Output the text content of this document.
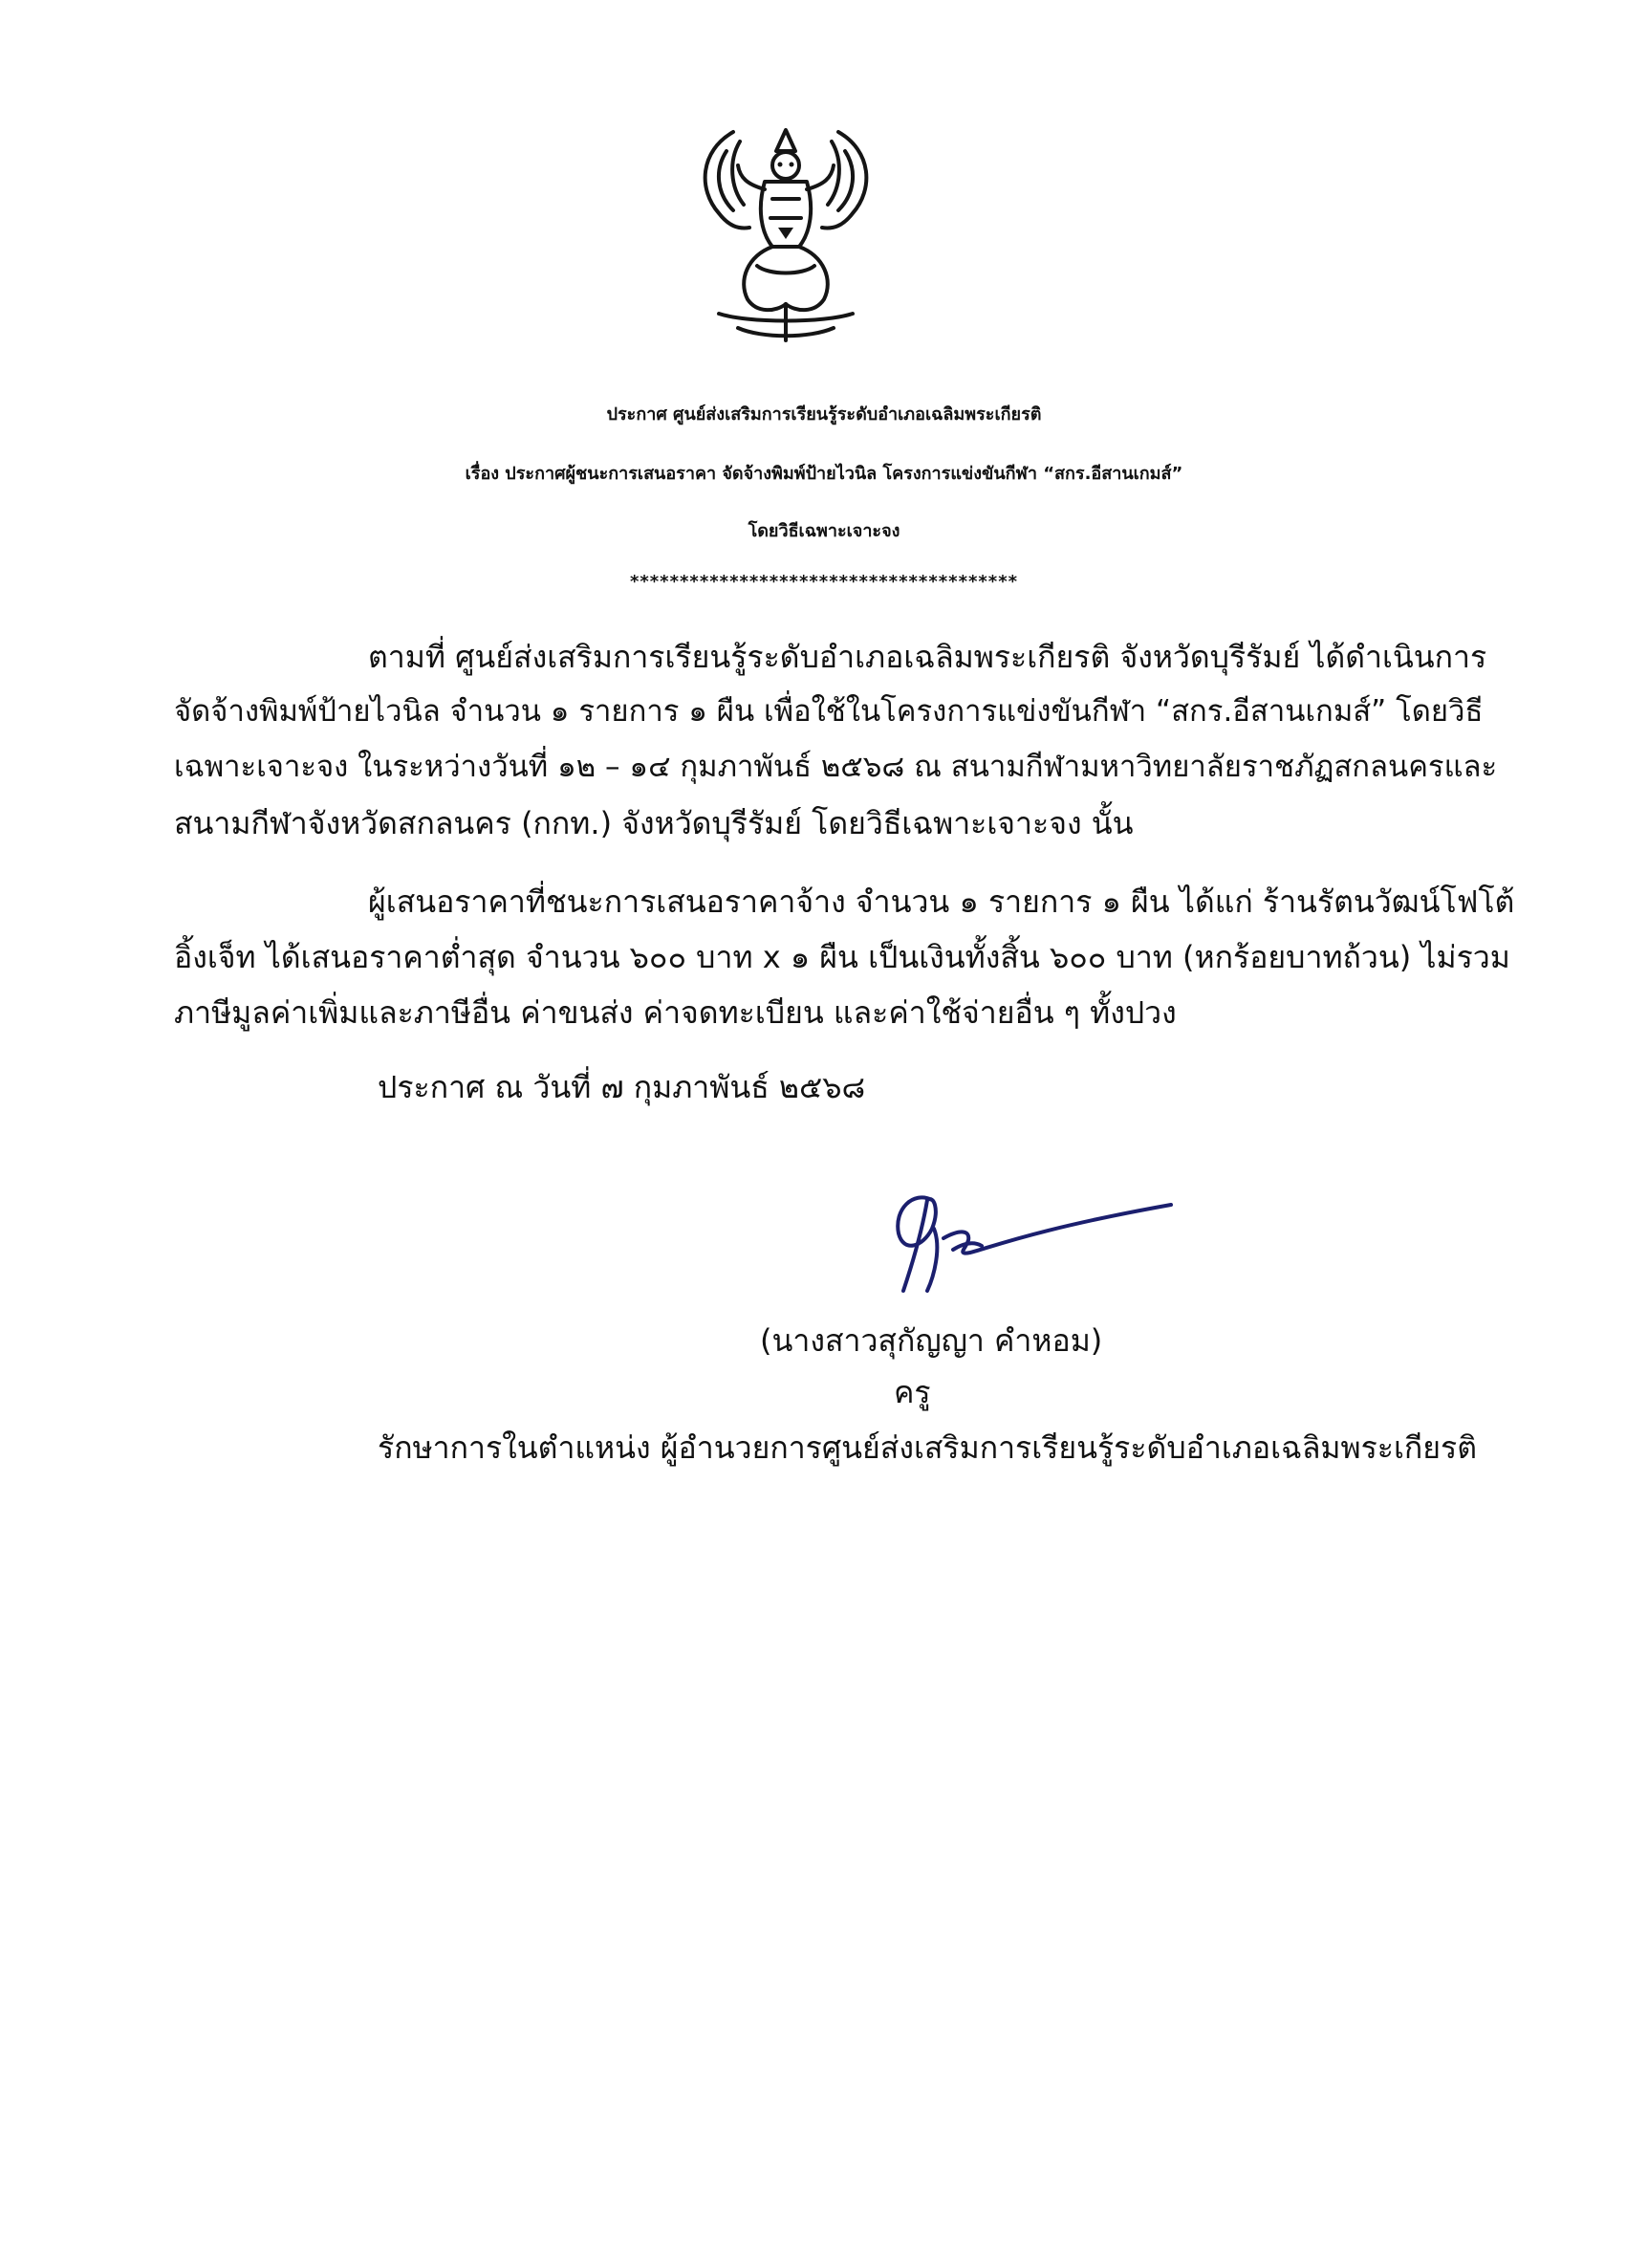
ประกาศ ศูนย์ส่งเสริมการเรียนรู้ระดับอำเภอเฉลิมพระเกียรติ
เรื่อง ประกาศผู้ชนะการเสนอราคา จัดจ้างพิมพ์ป้ายไวนิล โครงการแข่งขันกีฬา “สกร.อีสานเกมส์”
โดยวิธีเฉพาะเจาะจง
***************************************
ตามที่ ศูนย์ส่งเสริมการเรียนรู้ระดับอำเภอเฉลิมพระเกียรติ จังหวัดบุรีรัมย์ ได้ดำเนินการ
จัดจ้างพิมพ์ป้ายไวนิล จำนวน ๑ รายการ ๑ ผืน เพื่อใช้ในโครงการแข่งขันกีฬา “สกร.อีสานเกมส์” โดยวิธี
เฉพาะเจาะจง ในระหว่างวันที่ ๑๒ – ๑๔ กุมภาพันธ์ ๒๕๖๘ ณ สนามกีฬามหาวิทยาลัยราชภัฏสกลนครและ
สนามกีฬาจังหวัดสกลนคร (กกท.) จังหวัดบุรีรัมย์ โดยวิธีเฉพาะเจาะจง นั้น
ผู้เสนอราคาที่ชนะการเสนอราคาจ้าง จำนวน ๑ รายการ ๑ ผืน ได้แก่ ร้านรัตนวัฒน์โฟโต้
อิ้งเจ็ท ได้เสนอราคาต่ำสุด จำนวน ๖๐๐ บาท x ๑ ผืน เป็นเงินทั้งสิ้น ๖๐๐ บาท (หกร้อยบาทถ้วน) ไม่รวม
ภาษีมูลค่าเพิ่มและภาษีอื่น ค่าขนส่ง ค่าจดทะเบียน และค่าใช้จ่ายอื่น ๆ ทั้งปวง
ประกาศ ณ วันที่ ๗ กุมภาพันธ์ ๒๕๖๘
(นางสาวสุกัญญา คำหอม)
ครู
รักษาการในตำแหน่ง ผู้อำนวยการศูนย์ส่งเสริมการเรียนรู้ระดับอำเภอเฉลิมพระเกียรติ
